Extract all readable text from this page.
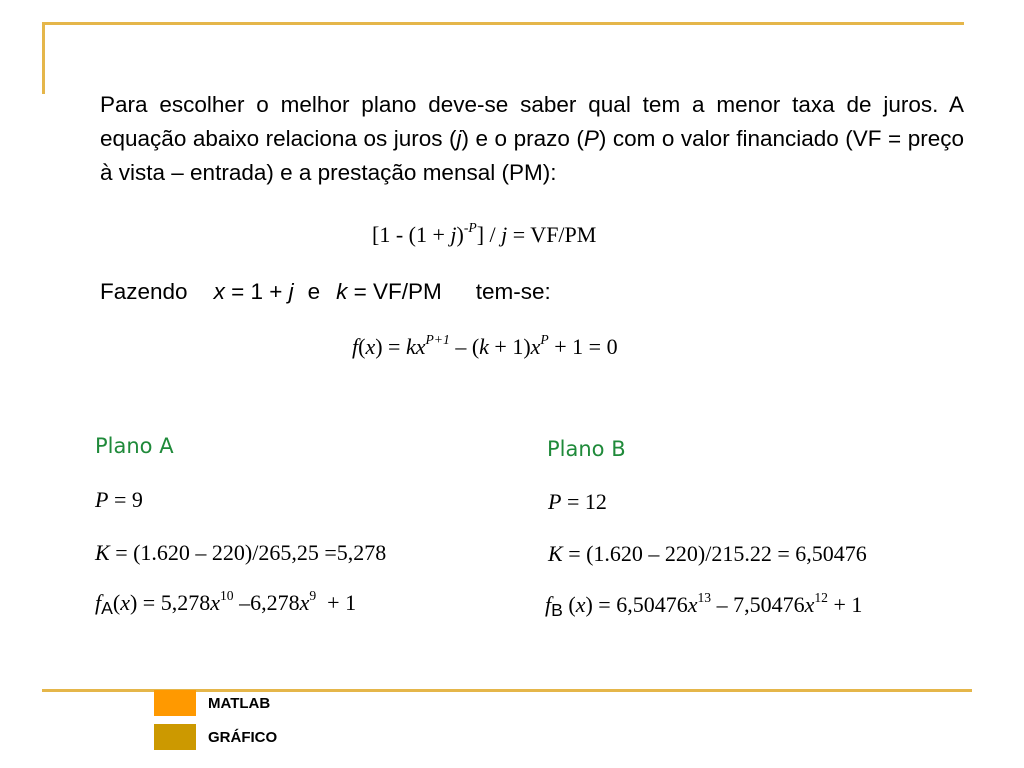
Para escolher o melhor plano deve-se saber qual tem a menor taxa de juros. A equação abaixo relaciona os juros (j) e o prazo (P) com o valor financiado (VF = preço à vista – entrada) e a prestação mensal (PM):

$[1 - (1 + j)^{-P}] / j = VF/PM$
Fazendo x = 1 + j e k = VF/PM tem-se:
$f(x) = kx^{P+1} - (k + 1)x^P + 1 = 0$
Plano A
P = 9
K = (1.620 – 220)/265,25 =5,278
$f_A(x) = 5,278x^{10}$ $-6,278x^9 + 1$
Plano B
P = 12
K = (1.620 – 220)/215.22 = 6,50476
$f_B$ $(x) = 6,50476x^{13} - 7,50476x^{12} + 1$
MATLAB
GRÁFICO
